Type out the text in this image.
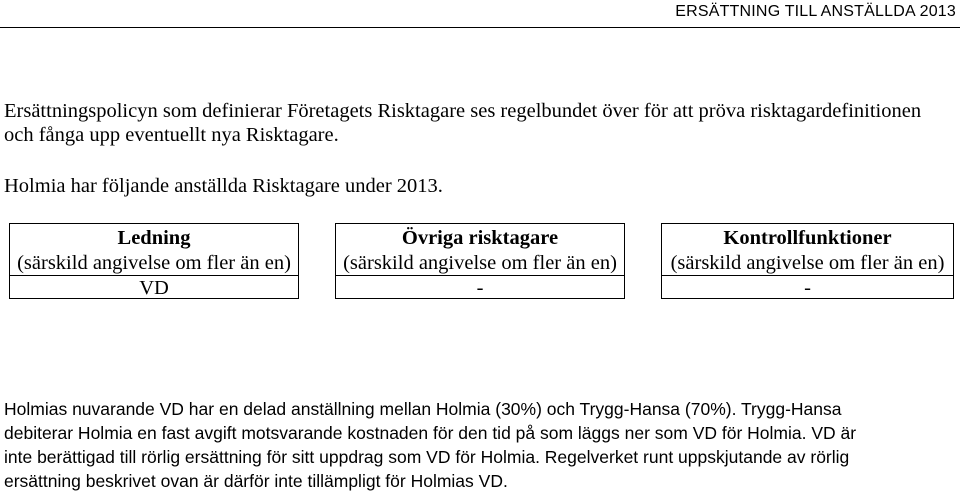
ERSÄTTNING TILL ANSTÄLLDA 2013
Ersättningspolicyn som definierar Företagets Risktagare ses regelbundet över för att pröva risktagardefinitionen
och fånga upp eventuellt nya Risktagare.
Holmia har följande anställda Risktagare under 2013.
Ledning
(särskild angivelse om fler än en)
VD
Övriga risktagare
(särskild angivelse om fler än en)
-
Kontrollfunktioner
(särskild angivelse om fler än en)
-
Holmias nuvarande VD har en delad anställning mellan Holmia (30%) och Trygg-Hansa (70%). Trygg-Hansa
debiterar Holmia en fast avgift motsvarande kostnaden för den tid på som läggs ner som VD för Holmia. VD är
inte berättigad till rörlig ersättning för sitt uppdrag som VD för Holmia. Regelverket runt uppskjutande av rörlig
ersättning beskrivet ovan är därför inte tillämpligt för Holmias VD.
